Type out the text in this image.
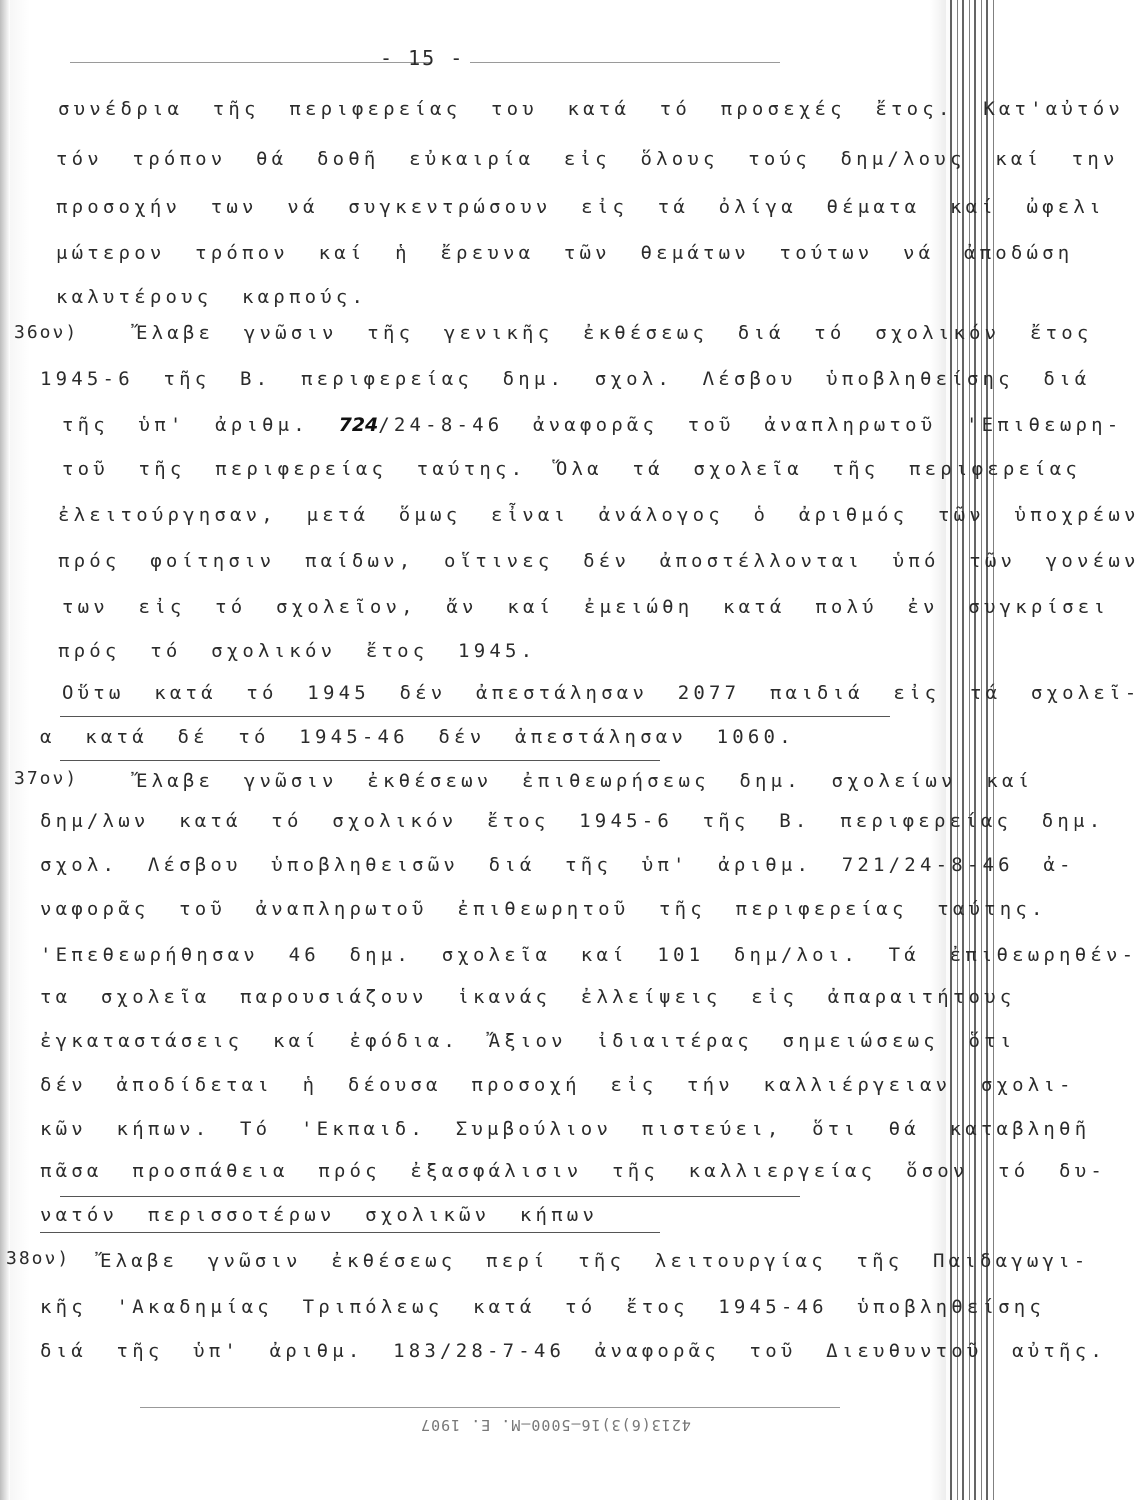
- 15 -
συνέδρια τῆς περιφερείας του κατά τό προσεχές ἔτος. Κατ'αὐτόν
τόν τρόπον θά δοθῆ εὐκαιρία εἰς ὅλους τούς δημ/λους καί την
προσοχήν των νά συγκεντρώσουν εἰς τά ὀλίγα θέματα καί ὠφελι
μώτερον τρόπον καί ἡ ἔρευνα τῶν θεμάτων τούτων νά ἀποδώση
καλυτέρους καρπούς.
36ον)	Ἔλαβε γνῶσιν τῆς γενικῆς ἐκθέσεως διά τό σχολικόν ἔτος
1945-6 τῆς Β. περιφερείας δημ. σχολ. Λέσβου ὑποβληθείσης διά
τῆς ὑπ' ἀριθμ. 724/24-8-46 ἀναφορᾶς τοῦ ἀναπληρωτοῦ 'Επιθεωρη-
τοῦ τῆς περιφερείας ταύτης. Ὅλα τά σχολεῖα τῆς περιφερείας
ἐλειτούργησαν, μετά ὅμως εἶναι ἀνάλογος ὁ ἀριθμός τῶν ὑποχρέων
πρός φοίτησιν παίδων, οἵτινες δέν ἀποστέλλονται ὑπό τῶν γονέων
των εἰς τό σχολεῖον, ἄν καί ἐμειώθη κατά πολύ ἐν συγκρίσει
πρός τό σχολικόν ἔτος 1945.
Οὕτω κατά τό 1945 δέν ἀπεστάλησαν 2077 παιδιά εἰς τά σχολεῖ-
α κατά δέ τό 1945-46 δέν ἀπεστάλησαν 1060.
37ον)	Ἔλαβε γνῶσιν ἐκθέσεων ἐπιθεωρήσεως δημ. σχολείων καί
δημ/λων κατά τό σχολικόν ἔτος 1945-6 τῆς Β. περιφερείας δημ.
σχολ. Λέσβου ὑποβληθεισῶν διά τῆς ὑπ' ἀριθμ. 721/24-8-46 ἀ-
ναφορᾶς τοῦ ἀναπληρωτοῦ ἐπιθεωρητοῦ τῆς περιφερείας ταύτης.
'Επεθεωρήθησαν 46 δημ. σχολεῖα καί 101 δημ/λοι. Τά ἐπιθεωρηθέν-
τα σχολεῖα παρουσιάζουν ἱκανάς ἐλλείψεις εἰς ἀπαραιτήτους
ἐγκαταστάσεις καί ἐφόδια. Ἄξιον ἰδιαιτέρας σημειώσεως ὅτι
δέν ἀποδίδεται ἡ δέουσα προσοχή εἰς τήν καλλιέργειαν σχολι-
κῶν κήπων. Τό 'Εκπαιδ. Συμβούλιον πιστεύει, ὅτι θά καταβληθῆ
πᾶσα προσπάθεια πρός ἐξασφάλισιν τῆς καλλιεργείας ὅσον τό δυ-
νατόν περισσοτέρων σχολικῶν κήπων
38ον) Ἔλαβε γνῶσιν ἐκθέσεως περί τῆς λειτουργίας τῆς Παιδαγωγι-
κῆς 'Ακαδημίας Τριπόλεως κατά τό ἔτος 1945-46 ὑποβληθείσης
διά τῆς ὑπ' ἀριθμ. 183/28-7-46 ἀναφορᾶς τοῦ Διευθυντοῦ αὐτῆς.
4213(6)3)16—5000—Μ. Ε. 1907
